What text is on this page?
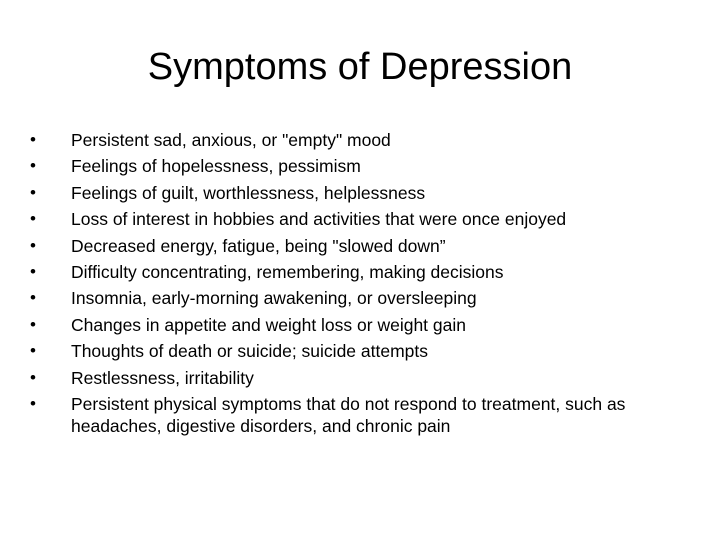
Symptoms of Depression
•	Persistent sad, anxious, or "empty" mood
•	Feelings of hopelessness, pessimism
•	Feelings of guilt, worthlessness, helplessness
•	Loss of interest in hobbies and activities that were once enjoyed
•	Decreased energy, fatigue, being "slowed down”
•	Difficulty concentrating, remembering, making decisions
•	Insomnia, early-morning awakening, or oversleeping
•	Changes in appetite and weight loss or weight gain
•	Thoughts of death or suicide; suicide attempts
•	Restlessness, irritability
•	Persistent physical symptoms that do not respond to treatment, such as headaches, digestive disorders, and chronic pain
